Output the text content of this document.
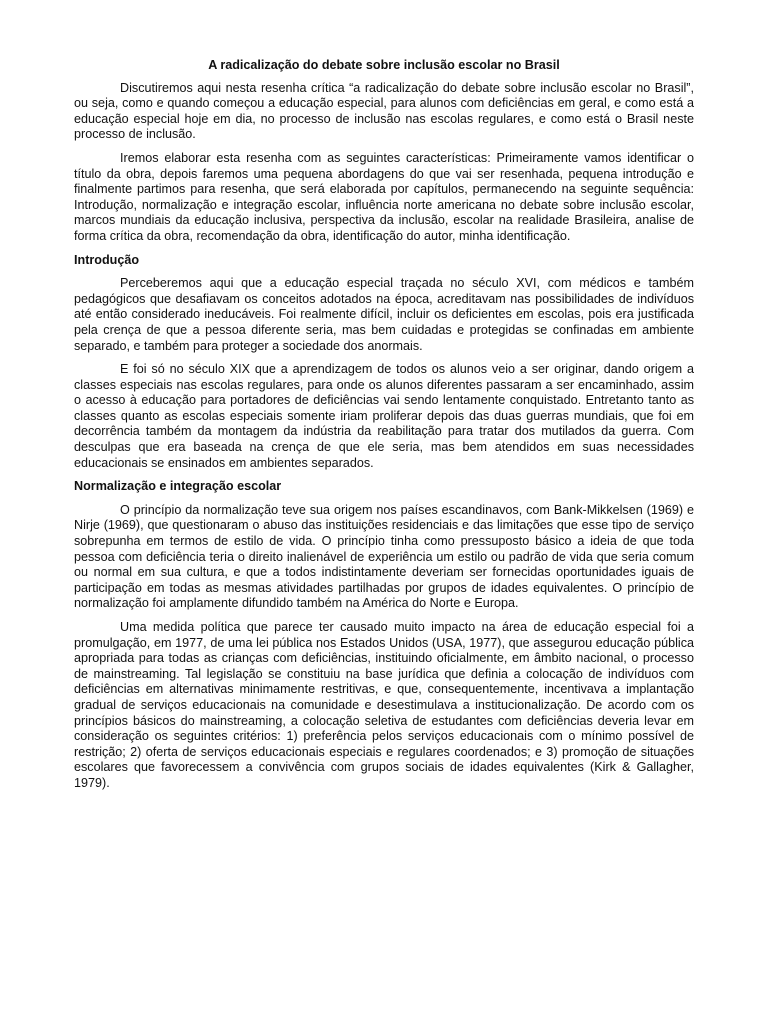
A radicalização do debate sobre inclusão escolar no Brasil

Discutiremos aqui nesta resenha crítica “a radicalização do debate sobre inclusão escolar no Brasil”, ou seja, como e quando começou a educação especial, para alunos com deficiências em geral, e como está a educação especial hoje em dia, no processo de inclusão nas escolas regulares, e como está o Brasil neste processo de inclusão.

Iremos elaborar esta resenha com as seguintes características: Primeiramente vamos identificar o título da obra, depois faremos uma pequena abordagens do que vai ser resenhada, pequena introdução e finalmente partimos para resenha, que será elaborada por capítulos, permanecendo na seguinte sequência: Introdução, normalização e integração escolar, influência norte americana no debate sobre inclusão escolar, marcos mundiais da educação inclusiva, perspectiva da inclusão, escolar na realidade Brasileira, analise de forma crítica da obra, recomendação da obra, identificação do autor, minha identificação.

Introdução

Perceberemos aqui que a educação especial traçada no século XVI, com médicos e também pedagógicos que desafiavam os conceitos adotados na época, acreditavam nas possibilidades de indivíduos até então considerado ineducáveis. Foi realmente difícil, incluir os deficientes em escolas, pois era justificada pela crença de que a pessoa diferente seria, mas bem cuidadas e protegidas se confinadas em ambiente separado, e também para proteger a sociedade dos anormais.

E foi só no século XIX que a aprendizagem de todos os alunos veio a ser originar, dando origem a classes especiais nas escolas regulares, para onde os alunos diferentes passaram a ser encaminhado, assim o acesso à educação para portadores de deficiências vai sendo lentamente conquistado. Entretanto tanto as classes quanto as escolas especiais somente iriam proliferar depois das duas guerras mundiais, que foi em decorrência também da montagem da indústria da reabilitação para tratar dos mutilados da guerra. Com desculpas que era baseada na crença de que ele seria, mas bem atendidos em suas necessidades educacionais se ensinados em ambientes separados.

Normalização e integração escolar

O princípio da normalização teve sua origem nos países escandinavos, com Bank-Mikkelsen (1969) e Nirje (1969), que questionaram o abuso das instituições residenciais e das limitações que esse tipo de serviço sobrepunha em termos de estilo de vida. O princípio tinha como pressuposto básico a ideia de que toda pessoa com deficiência teria o direito inalienável de experiência um estilo ou padrão de vida que seria comum ou normal em sua cultura, e que a todos indistintamente deveriam ser fornecidas oportunidades iguais de participação em todas as mesmas atividades partilhadas por grupos de idades equivalentes. O princípio de normalização foi amplamente difundido também na América do Norte e Europa.

Uma medida política que parece ter causado muito impacto na área de educação especial foi a promulgação, em 1977, de uma lei pública nos Estados Unidos (USA, 1977), que assegurou educação pública apropriada para todas as crianças com deficiências, instituindo oficialmente, em âmbito nacional, o processo de mainstreaming. Tal legislação se constituiu na base jurídica que definia a colocação de indivíduos com deficiências em alternativas minimamente restritivas, e que, consequentemente, incentivava a implantação gradual de serviços educacionais na comunidade e desestimulava a institucionalização. De acordo com os princípios básicos do mainstreaming, a colocação seletiva de estudantes com deficiências deveria levar em consideração os seguintes critérios: 1) preferência pelos serviços educacionais com o mínimo possível de restrição; 2) oferta de serviços educacionais especiais e regulares coordenados; e 3) promoção de situações escolares que favorecessem a convivência com grupos sociais de idades equivalentes (Kirk & Gallagher, 1979).
